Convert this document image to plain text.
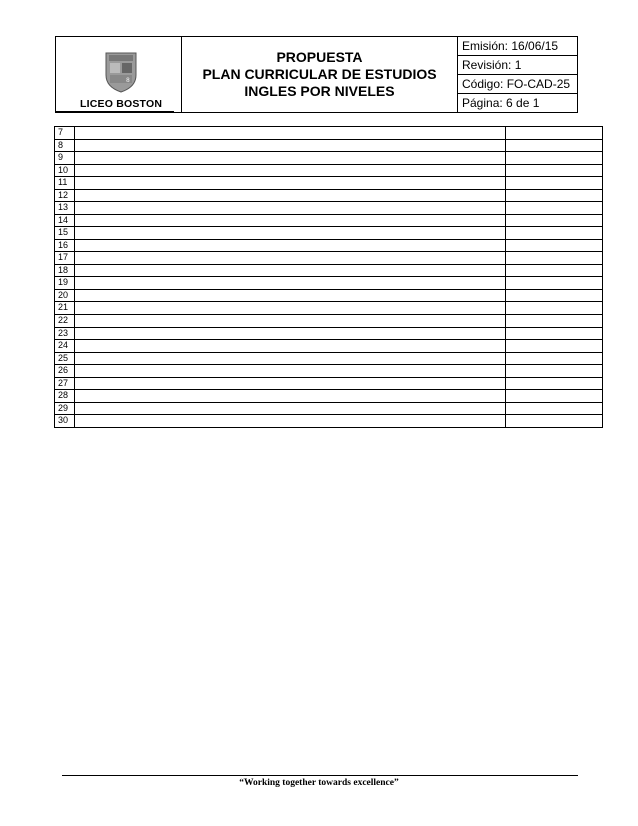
8
LICEO BOSTON
PROPUESTA
PLAN CURRICULAR DE ESTUDIOS
INGLES POR NIVELES
Emisión: 16/06/15
Revisión: 1
Código: FO-CAD-25
Página: 6 de 1
7
8
9
10
11
12
13
14
15
16
17
18
19
20
21
22
23
24
25
26
27
28
29
30
“Working together towards excellence”
